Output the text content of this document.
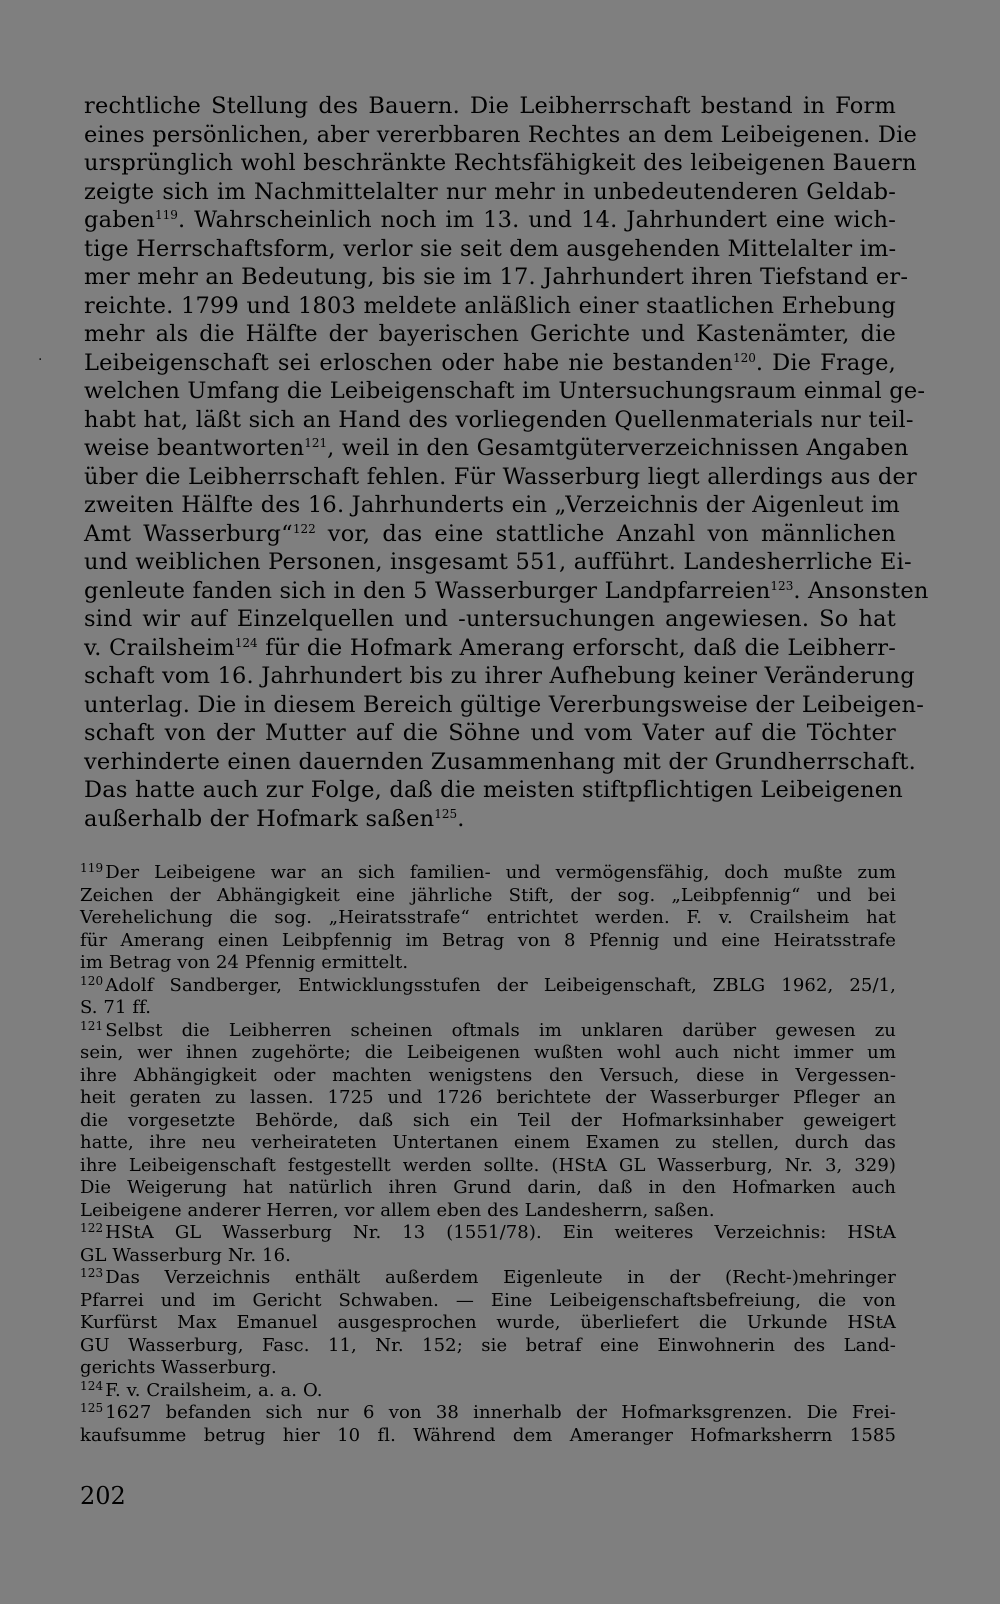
·
rechtliche Stellung des Bauern. Die Leibherrschaft bestand in Form
eines persönlichen, aber vererbbaren Rechtes an dem Leibeigenen. Die
ursprünglich wohl beschränkte Rechtsfähigkeit des leibeigenen Bauern
zeigte sich im Nachmittelalter nur mehr in unbedeutenderen Geldab-
gaben$^{119}$. Wahrscheinlich noch im 13. und 14. Jahrhundert eine wich-
tige Herrschaftsform, verlor sie seit dem ausgehenden Mittelalter im-
mer mehr an Bedeutung, bis sie im 17. Jahrhundert ihren Tiefstand er-
reichte. 1799 und 1803 meldete anläßlich einer staatlichen Erhebung
mehr als die Hälfte der bayerischen Gerichte und Kastenämter, die
Leibeigenschaft sei erloschen oder habe nie bestanden$^{120}$. Die Frage,
welchen Umfang die Leibeigenschaft im Untersuchungsraum einmal ge-
habt hat, läßt sich an Hand des vorliegenden Quellenmaterials nur teil-
weise beantworten$^{121}$, weil in den Gesamtgüterverzeichnissen Angaben
über die Leibherrschaft fehlen. Für Wasserburg liegt allerdings aus der
zweiten Hälfte des 16. Jahrhunderts ein „Verzeichnis der Aigenleut im
Amt Wasserburg“$^{122}$ vor, das eine stattliche Anzahl von männlichen
und weiblichen Personen, insgesamt 551, aufführt. Landesherrliche Ei-
genleute fanden sich in den 5 Wasserburger Landpfarreien$^{123}$. Ansonsten
sind wir auf Einzelquellen und -untersuchungen angewiesen. So hat
v. Crailsheim$^{124}$ für die Hofmark Amerang erforscht, daß die Leibherr-
schaft vom 16. Jahrhundert bis zu ihrer Aufhebung keiner Veränderung
unterlag. Die in diesem Bereich gültige Vererbungsweise der Leibeigen-
schaft von der Mutter auf die Söhne und vom Vater auf die Töchter
verhinderte einen dauernden Zusammenhang mit der Grundherrschaft.
Das hatte auch zur Folge, daß die meisten stiftpflichtigen Leibeigenen
außerhalb der Hofmark saßen$^{125}$.
$^{119}$ Der Leibeigene war an sich familien- und vermögensfähig, doch mußte zum
Zeichen der Abhängigkeit eine jährliche Stift, der sog. „Leibpfennig“ und bei
Verehelichung die sog. „Heiratsstrafe“ entrichtet werden. F. v. Crailsheim hat
für Amerang einen Leibpfennig im Betrag von 8 Pfennig und eine Heiratsstrafe
im Betrag von 24 Pfennig ermittelt.
$^{120}$ Adolf Sandberger, Entwicklungsstufen der Leibeigenschaft, ZBLG 1962, 25/1,
S. 71 ff.
$^{121}$ Selbst die Leibherren scheinen oftmals im unklaren darüber gewesen zu
sein, wer ihnen zugehörte; die Leibeigenen wußten wohl auch nicht immer um
ihre Abhängigkeit oder machten wenigstens den Versuch, diese in Vergessen-
heit geraten zu lassen. 1725 und 1726 berichtete der Wasserburger Pfleger an
die vorgesetzte Behörde, daß sich ein Teil der Hofmarksinhaber geweigert
hatte, ihre neu verheirateten Untertanen einem Examen zu stellen, durch das
ihre Leibeigenschaft festgestellt werden sollte. (HStA GL Wasserburg, Nr. 3, 329)
Die Weigerung hat natürlich ihren Grund darin, daß in den Hofmarken auch
Leibeigene anderer Herren, vor allem eben des Landesherrn, saßen.
$^{122}$ HStA GL Wasserburg Nr. 13 (1551/78). Ein weiteres Verzeichnis: HStA
GL Wasserburg Nr. 16.
$^{123}$ Das Verzeichnis enthält außerdem Eigenleute in der (Recht-)mehringer
Pfarrei und im Gericht Schwaben. — Eine Leibeigenschaftsbefreiung, die von
Kurfürst Max Emanuel ausgesprochen wurde, überliefert die Urkunde HStA
GU Wasserburg, Fasc. 11, Nr. 152; sie betraf eine Einwohnerin des Land-
gerichts Wasserburg.
$^{124}$ F. v. Crailsheim, a. a. O.
$^{125}$ 1627 befanden sich nur 6 von 38 innerhalb der Hofmarksgrenzen. Die Frei-
kaufsumme betrug hier 10 fl. Während dem Ameranger Hofmarksherrn 1585
202
